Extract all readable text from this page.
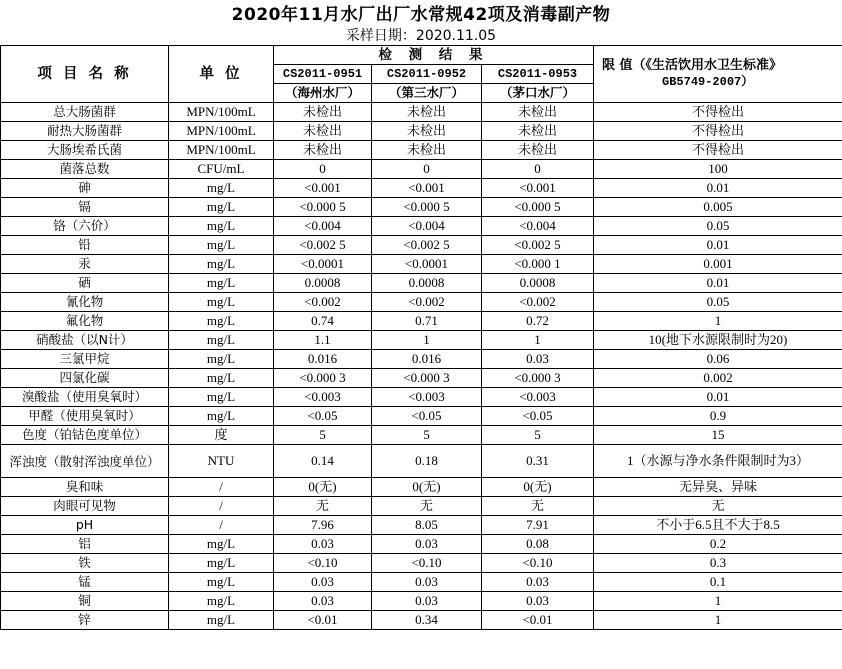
2020年11月水厂出厂水常规42项及消毒副产物
采样日期：2020.11.05
项 目 名 称	单 位	检 测 结 果			限 值（《生活饮用水卫生标准》
GB5749-2007）

		CS2011-0951	CS2011-0952	CS2011-0953	
		（海州水厂）	（第三水厂）	（茅口水厂）	
总大肠菌群	MPN/100mL	未检出	未检出	未检出	不得检出
耐热大肠菌群	MPN/100mL	未检出	未检出	未检出	不得检出
大肠埃希氏菌	MPN/100mL	未检出	未检出	未检出	不得检出
菌落总数	CFU/mL	0	0	0	100
砷	mg/L	<0.001	<0.001	<0.001	0.01
镉	mg/L	<0.000 5	<0.000 5	<0.000 5	0.005
铬（六价）	mg/L	<0.004	<0.004	<0.004	0.05
铅	mg/L	<0.002 5	<0.002 5	<0.002 5	0.01
汞	mg/L	<0.0001	<0.0001	<0.000 1	0.001
硒	mg/L	0.0008	0.0008	0.0008	0.01
氰化物	mg/L	<0.002	<0.002	<0.002	0.05
氟化物	mg/L	0.74	0.71	0.72	1
硝酸盐（以N计）	mg/L	1.1	1	1	10(地下水源限制时为20)
三氯甲烷	mg/L	0.016	0.016	0.03	0.06
四氯化碳	mg/L	<0.000 3	<0.000 3	<0.000 3	0.002
溴酸盐（使用臭氧时）	mg/L	<0.003	<0.003	<0.003	0.01
甲醛（使用臭氧时）	mg/L	<0.05	<0.05	<0.05	0.9
色度（铂钴色度单位）	度	5	5	5	15
浑浊度（散射浑浊度单位）	NTU	0.14	0.18	0.31	1（水源与净水条件限制时为3）
臭和味	/	0(无)	0(无)	0(无)	无异臭、异味
肉眼可见物	/	无	无	无	无
pH	/	7.96	8.05	7.91	不小于6.5且不大于8.5
铝	mg/L	0.03	0.03	0.08	0.2
铁	mg/L	<0.10	<0.10	<0.10	0.3
锰	mg/L	0.03	0.03	0.03	0.1
铜	mg/L	0.03	0.03	0.03	1
锌	mg/L	<0.01	0.34	<0.01	1
